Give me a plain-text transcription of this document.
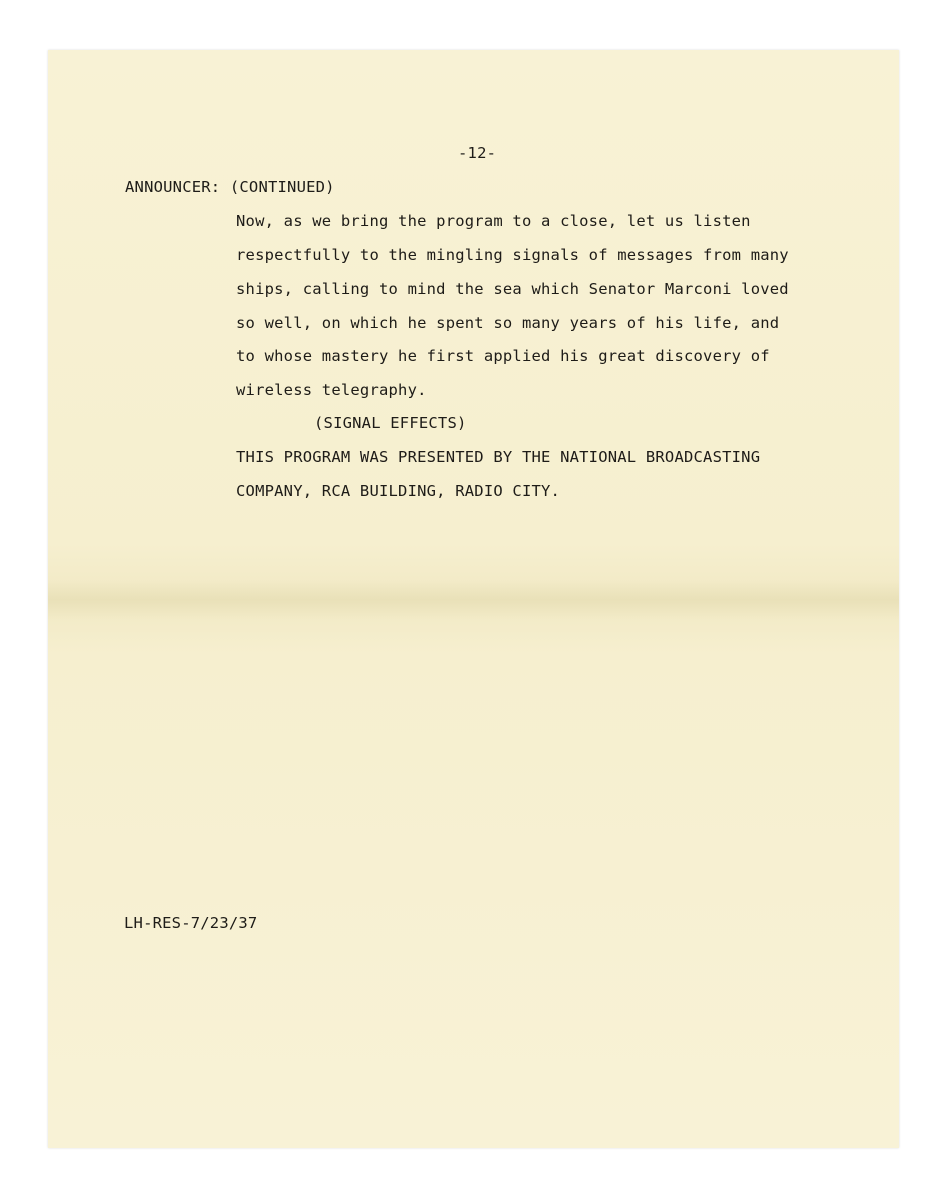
-12-

ANNOUNCER: (CONTINUED)

Now, as we bring the program to a close, let us listen

respectfully to the mingling signals of messages from many

ships, calling to mind the sea which Senator Marconi loved

so well, on which he spent so many years of his life, and

to whose mastery he first applied his great discovery of

wireless telegraphy.

(SIGNAL EFFECTS)

THIS PROGRAM WAS PRESENTED BY THE NATIONAL BROADCASTING

COMPANY, RCA BUILDING, RADIO CITY.

LH-RES-7/23/37
